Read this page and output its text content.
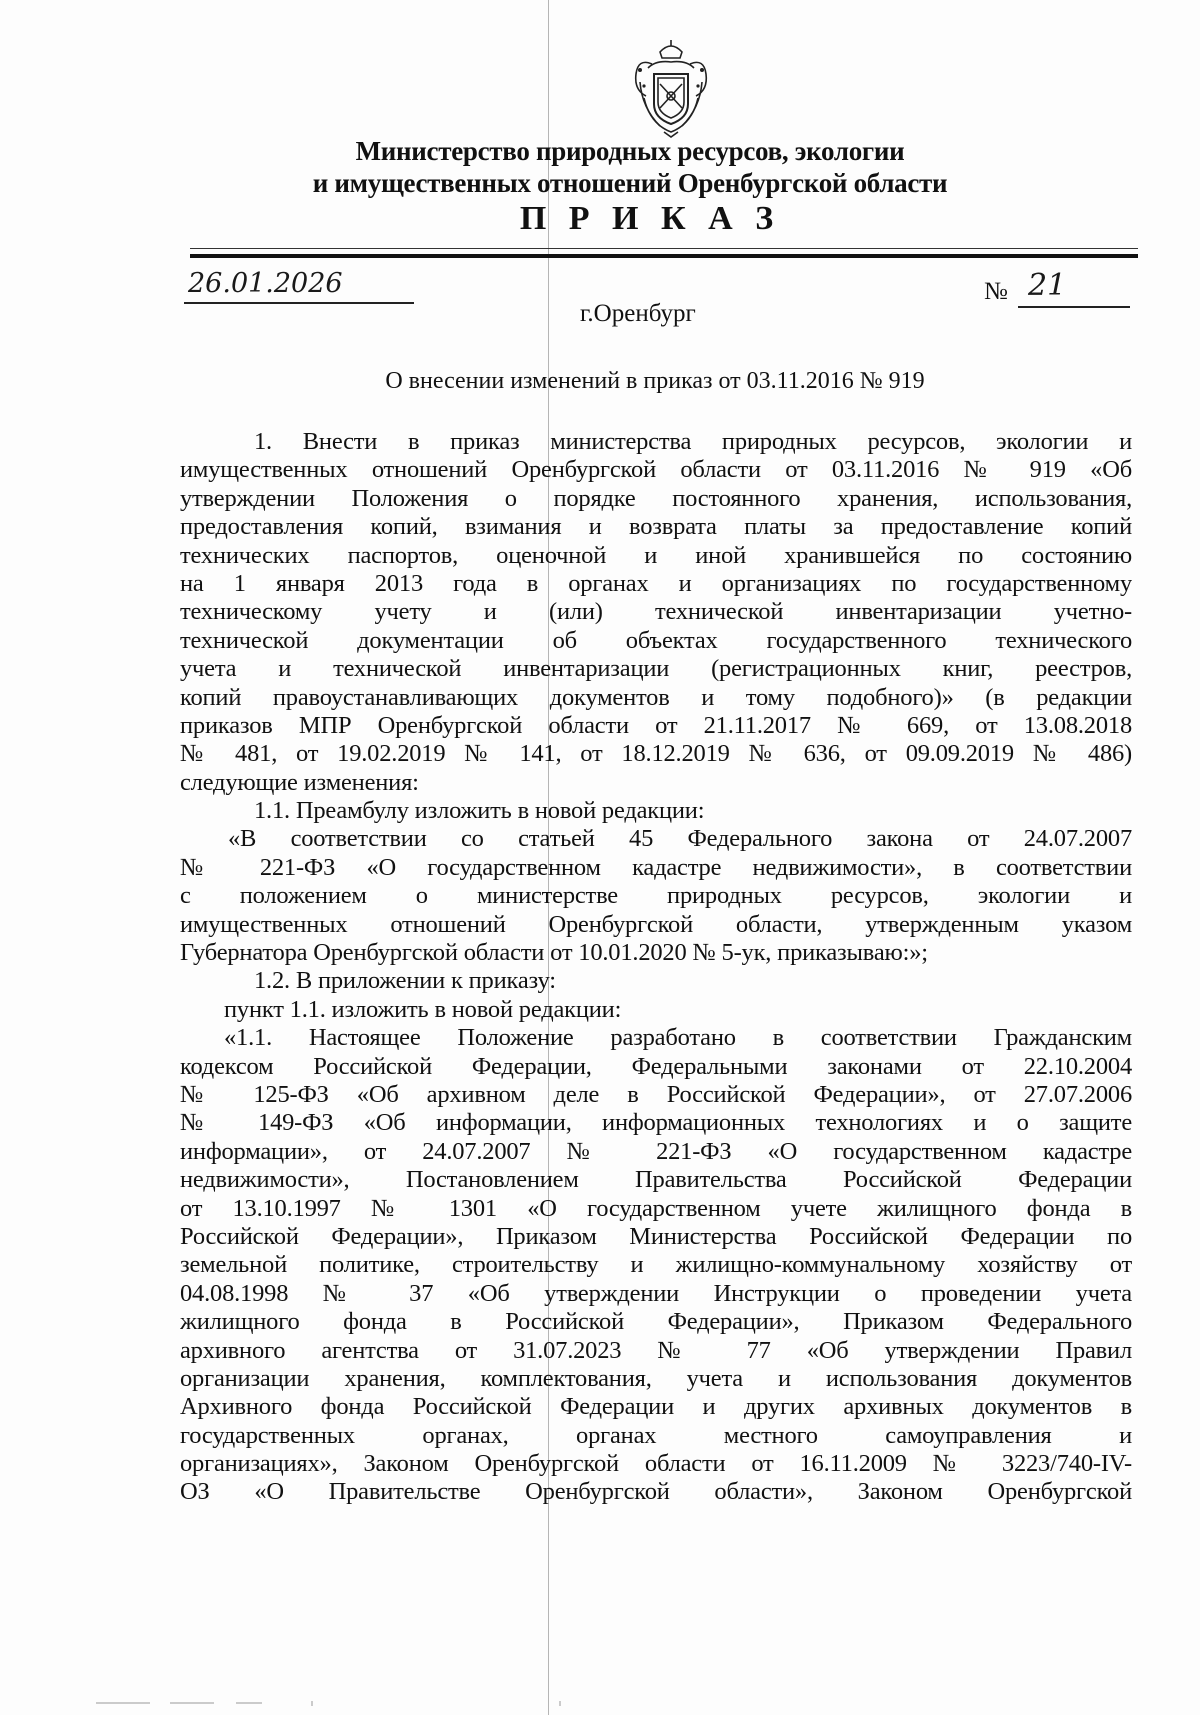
Министерство природных ресурсов, экологии
и имущественных отношений Оренбургской области
П Р И К А З
26.01.2026
г.Оренбург
№ 21
О внесении изменений в приказ от 03.11.2016 № 919
1. Внести в приказ министерства природных ресурсов, экологии и
имущественных отношений Оренбургской области от 03.11.2016 № 919 «Об
утверждении Положения о порядке постоянного хранения, использования,
предоставления копий, взимания и возврата платы за предоставление копий
технических паспортов, оценочной и иной хранившейся по состоянию
на 1 января 2013 года в органах и организациях по государственному
техническому учету и (или) технической инвентаризации учетно-
технической документации об объектах государственного технического
учета и технической инвентаризации (регистрационных книг, реестров,
копий правоустанавливающих документов и тому подобного)» (в редакции
приказов МПР Оренбургской области от 21.11.2017 № 669, от 13.08.2018
№ 481, от 19.02.2019 № 141, от 18.12.2019 № 636, от 09.09.2019 № 486)
следующие изменения:
1.1. Преамбулу изложить в новой редакции:
«В соответствии со статьей 45 Федерального закона от 24.07.2007
№ 221-ФЗ «О государственном кадастре недвижимости», в соответствии
с положением о министерстве природных ресурсов, экологии и
имущественных отношений Оренбургской области, утвержденным указом
Губернатора Оренбургской области от 10.01.2020 № 5-ук, приказываю:»;
1.2. В приложении к приказу:
пункт 1.1. изложить в новой редакции:
«1.1. Настоящее Положение разработано в соответствии Гражданским
кодексом Российской Федерации, Федеральными законами от 22.10.2004
№ 125-ФЗ «Об архивном деле в Российской Федерации», от 27.07.2006
№ 149-ФЗ «Об информации, информационных технологиях и о защите
информации», от 24.07.2007 № 221-ФЗ «О государственном кадастре
недвижимости», Постановлением Правительства Российской Федерации
от 13.10.1997 № 1301 «О государственном учете жилищного фонда в
Российской Федерации», Приказом Министерства Российской Федерации по
земельной политике, строительству и жилищно-коммунальному хозяйству от
04.08.1998 № 37 «Об утверждении Инструкции о проведении учета
жилищного фонда в Российской Федерации», Приказом Федерального
архивного агентства от 31.07.2023 № 77 «Об утверждении Правил
организации хранения, комплектования, учета и использования документов
Архивного фонда Российской Федерации и других архивных документов в
государственных органах, органах местного самоуправления и
организациях», Законом Оренбургской области от 16.11.2009 № 3223/740-IV-
ОЗ «О Правительстве Оренбургской области», Законом Оренбургской
